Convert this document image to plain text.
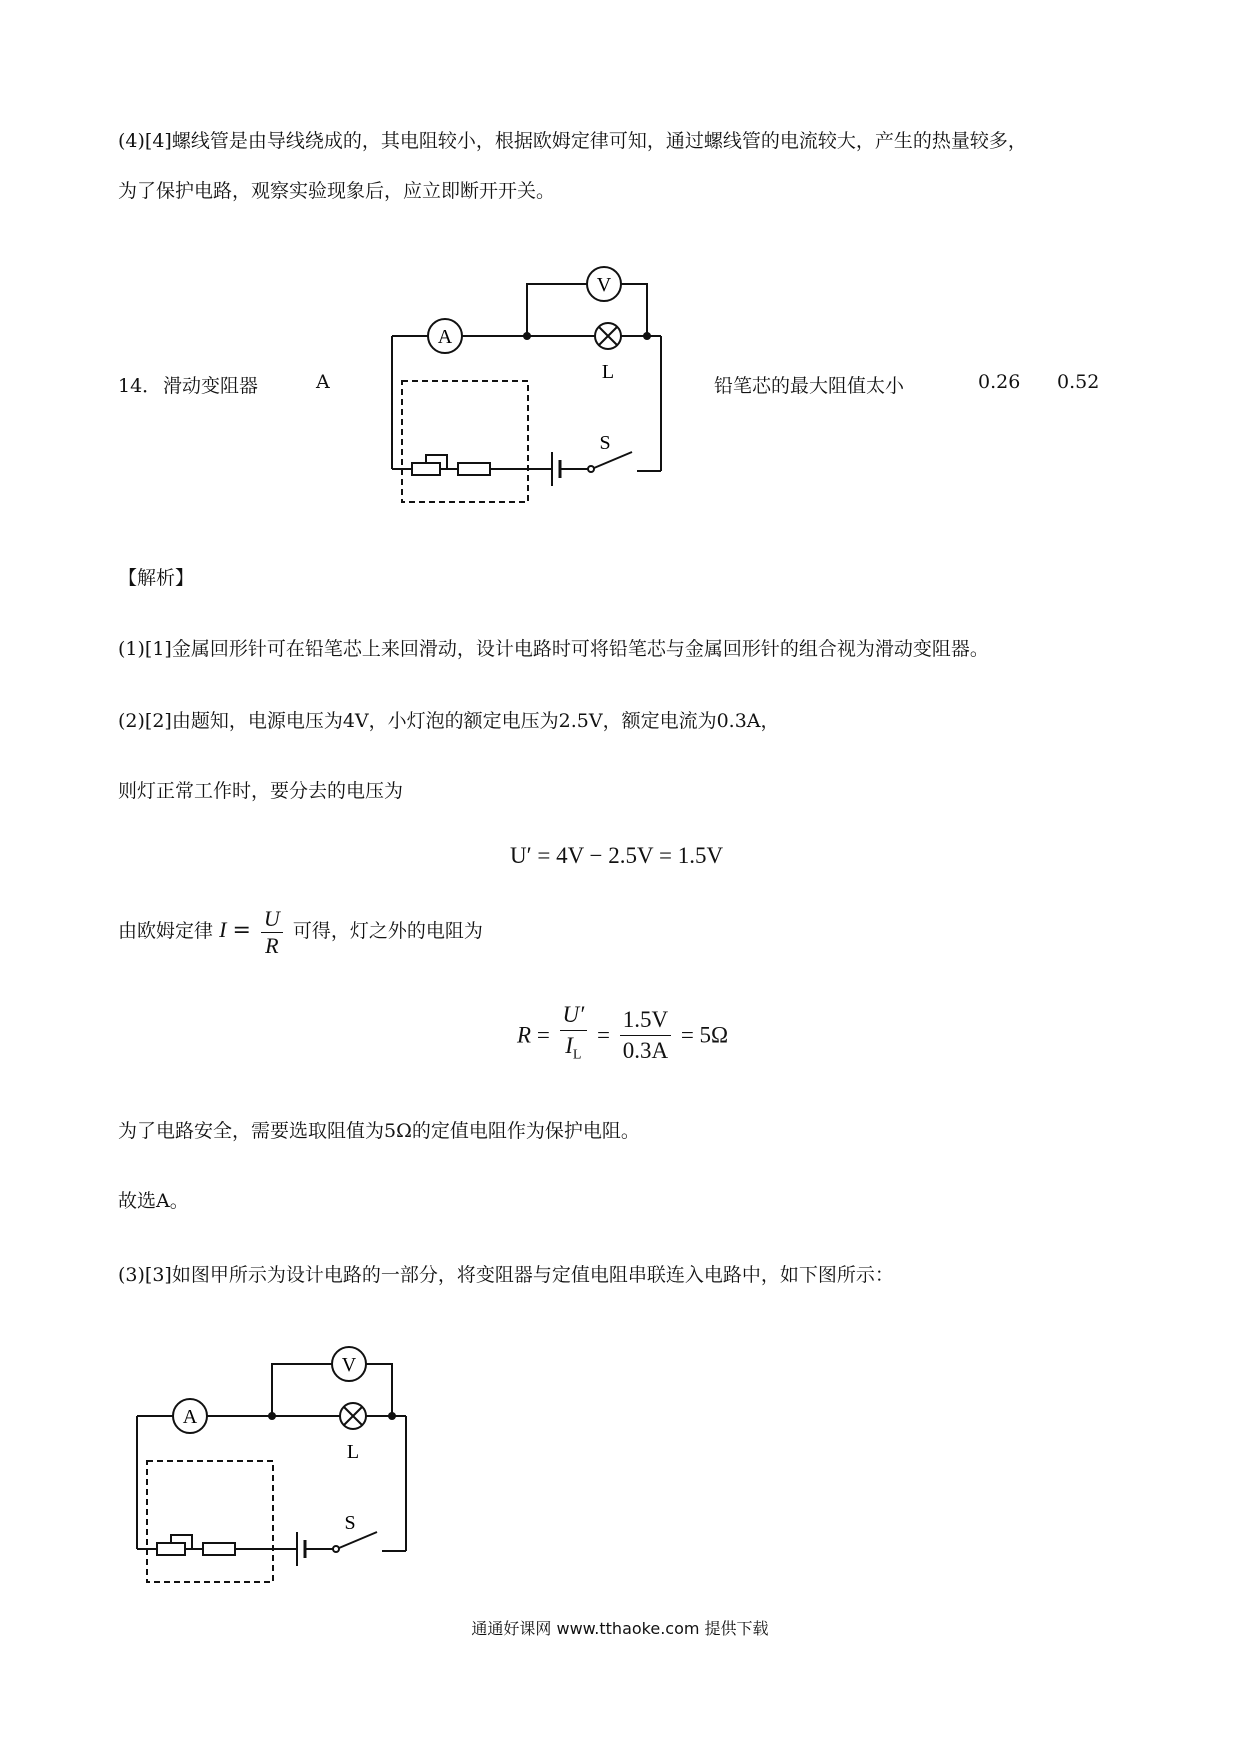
(4)[4]螺线管是由导线绕成的，其电阻较小，根据欧姆定律可知，通过螺线管的电流较大，产生的热量较多，
为了保护电路，观察实验现象后，应立即断开开关。
14． 滑动变阻器	A	铅笔芯的最大阻值太小	0.26 0.52
V
A
L
S
【解析】
(1)[1]金属回形针可在铅笔芯上来回滑动，设计电路时可将铅笔芯与金属回形针的组合视为滑动变阻器。
(2)[2]由题知，电源电压为4V，小灯泡的额定电压为2.5V，额定电流为0.3A，
则灯正常工作时，要分去的电压为
U′ = 4V − 2.5V = 1.5V
由欧姆定律 $I = \frac{U}{R}$ 可得，灯之外的电阻为
$R = \frac{U'}{I_L} = \frac{1.5V}{0.3A} = 5\Omega$
为了电路安全，需要选取阻值为5Ω的定值电阻作为保护电阻。
故选A。
(3)[3]如图甲所示为设计电路的一部分，将变阻器与定值电阻串联连入电路中，如下图所示：
V
A
L
S
通通好课网 www.tthaoke.com 提供下载
